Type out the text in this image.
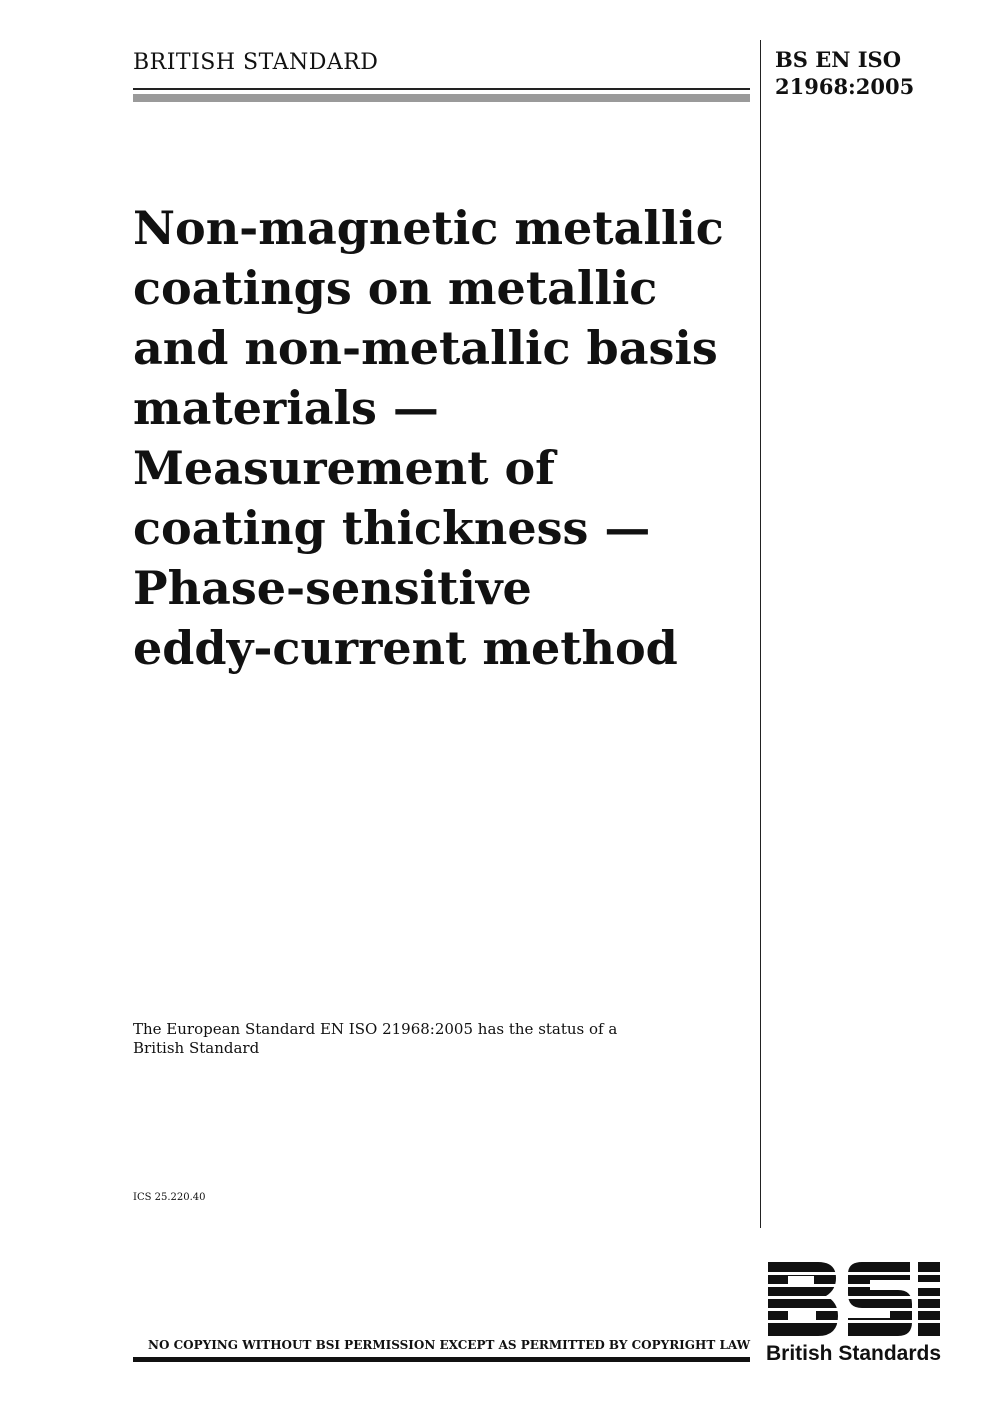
BRITISH STANDARD	BS EN ISO
21968:2005
Non-magnetic metallic
coatings on metallic
and non-metallic basis
materials —
Measurement of
coating thickness —
Phase-sensitive
eddy-current method
The European Standard EN ISO 21968:2005 has the status of a
British Standard
ICS 25.220.40
British Standards
NO COPYING WITHOUT BSI PERMISSION EXCEPT AS PERMITTED BY COPYRIGHT LAW
